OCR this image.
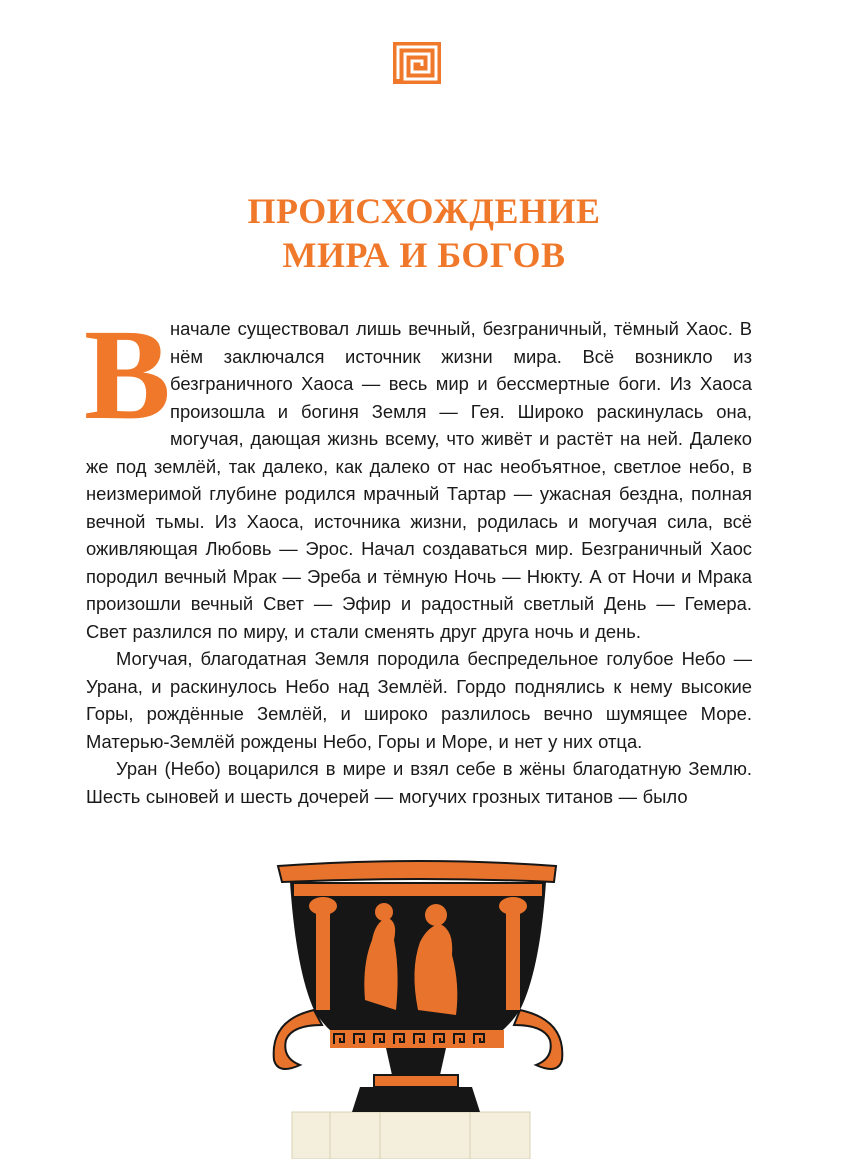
ПРОИСХОЖДЕНИЕ
МИРА И БОГОВ

В начале существовал лишь вечный, безграничный, тёмный Хаос. В нём заключался источник жизни мира. Всё возникло из безграничного Хаоса — весь мир и бессмертные боги. Из Хаоса произошла и богиня Земля — Гея. Широко раскинулась она, могучая, дающая жизнь всему, что живёт и растёт на ней. Далеко же под землёй, так далеко, как далеко от нас необъятное, светлое небо, в неизмеримой глубине родился мрачный Тартар — ужасная бездна, полная вечной тьмы. Из Хаоса, источника жизни, родилась и могучая сила, всё оживляющая Любовь — Эрос. Начал создаваться мир. Безграничный Хаос породил вечный Мрак — Эреба и тёмную Ночь — Нюкту. А от Ночи и Мрака произошли вечный Свет — Эфир и радостный светлый День — Гемера. Свет разлился по миру, и стали сменять друг друга ночь и день.

Могучая, благодатная Земля породила беспредельное голубое Небо — Урана, и раскинулось Небо над Землёй. Гордо поднялись к нему высокие Горы, рождённые Землёй, и широко разлилось вечно шумящее Море. Матерью-Землёй рождены Небо, Горы и Море, и нет у них отца.

Уран (Небо) воцарился в мире и взял себе в жёны благодатную Землю. Шесть сыновей и шесть дочерей — могучих грозных титанов — было
